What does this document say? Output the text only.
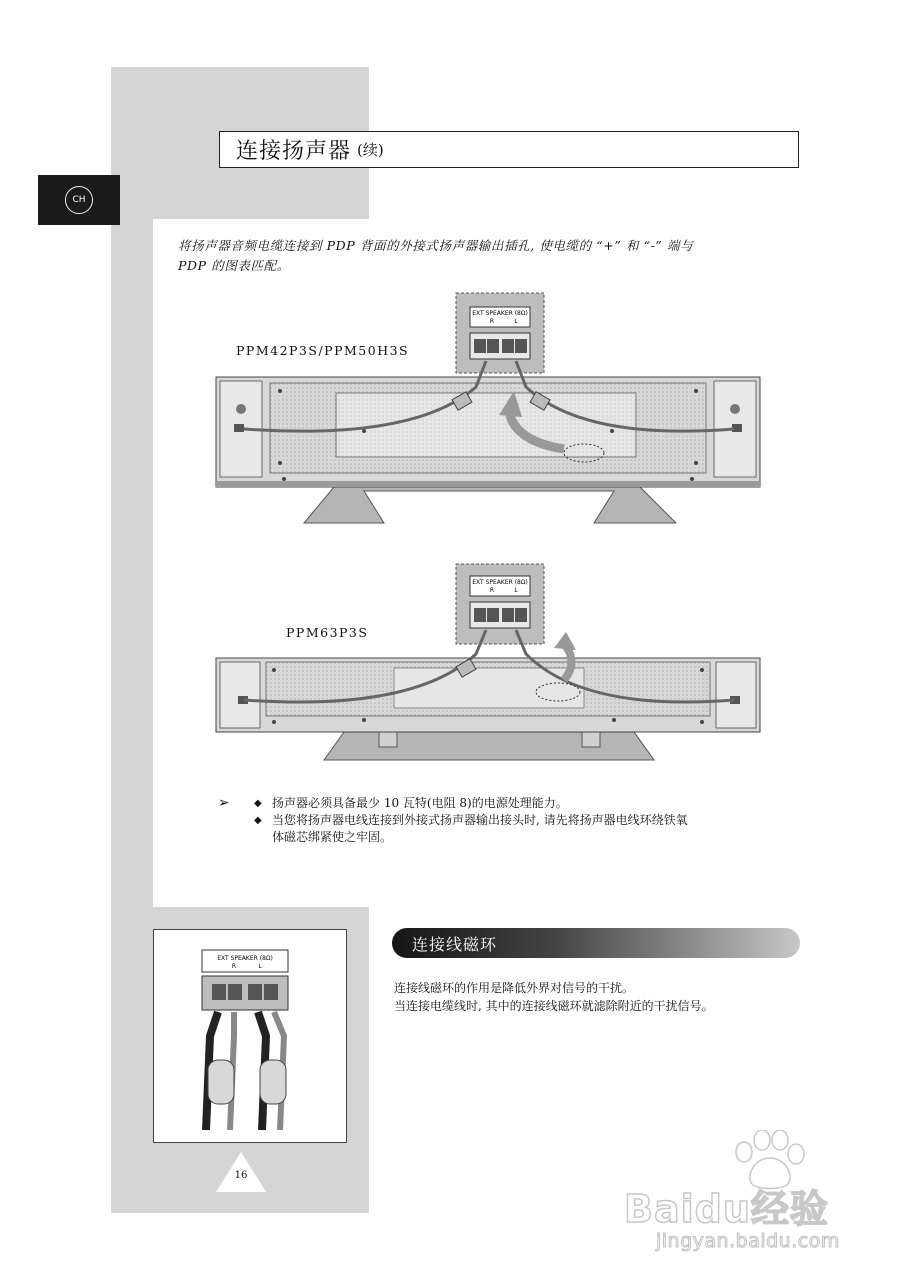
CH
连接扬声器 (续)
将扬声器音频电缆连接到 PDP 背面的外接式扬声器输出插孔, 使电缆的 “+” 和 “-” 端与
PDP 的图表匹配。
PPM42P3S/PPM50H3S
PPM63P3S
EXT SPEAKER (8Ω)
R	L
EXT SPEAKER (8Ω)
R	L
➢ ◆ 扬声器必须具备最少 10 瓦特(电阻 8)的电源处理能力。
◆ 当您将扬声器电线连接到外接式扬声器输出接头时, 请先将扬声器电线环绕铁氧
体磁芯绑紧使之牢固。
EXT SPEAKER (8Ω)
R	L
16
连接线磁环
连接线磁环的作用是降低外界对信号的干扰。
当连接电缆线时, 其中的连接线磁环就滤除附近的干扰信号。
Baidu经验
jingyan.baidu.com
